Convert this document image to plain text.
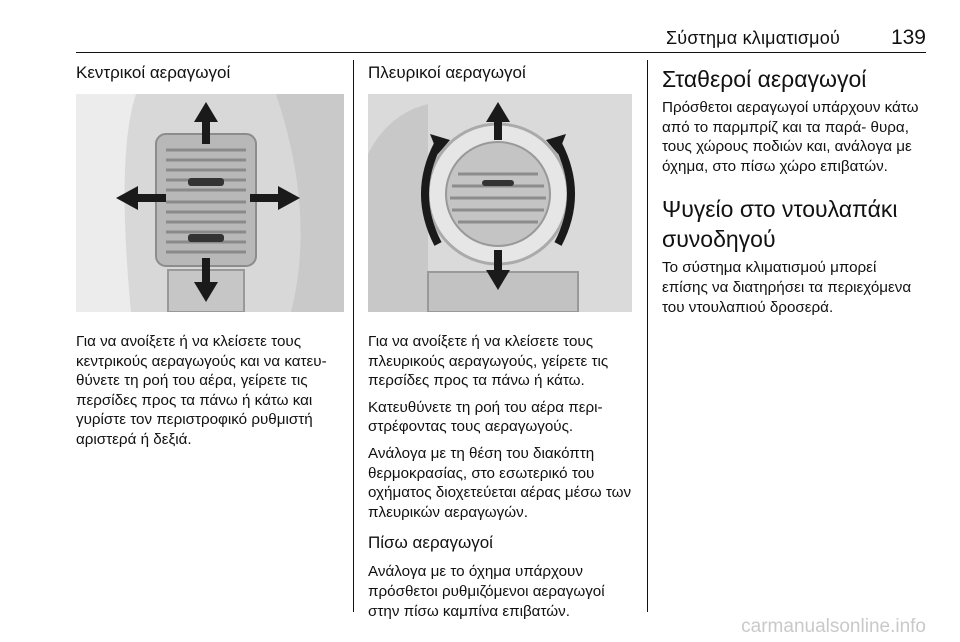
Σύστημα κλιματισμού 139
Κεντρικοί αεραγωγοί

Για να ανοίξετε ή να κλείσετε τους κεντρικούς αεραγωγούς και να κατευ- θύνετε τη ροή του αέρα, γείρετε τις περσίδες προς τα πάνω ή κάτω και γυρίστε τον περιστροφικό ρυθμιστή αριστερά ή δεξιά.

Πλευρικοί αεραγωγοί

Για να ανοίξετε ή να κλείσετε τους πλευρικούς αεραγωγούς, γείρετε τις περσίδες προς τα πάνω ή κάτω.

Κατευθύνετε τη ροή του αέρα περι- στρέφοντας τους αεραγωγούς.

Ανάλογα με τη θέση του διακόπτη θερμοκρασίας, στο εσωτερικό του οχήματος διοχετεύεται αέρας μέσω των πλευρικών αεραγωγών.

Πίσω αεραγωγοί

Ανάλογα με το όχημα υπάρχουν πρόσθετοι ρυθμιζόμενοι αεραγωγοί στην πίσω καμπίνα επιβατών.

Σταθεροί αεραγωγοί

Πρόσθετοι αεραγωγοί υπάρχουν κάτω από το παρμπρίζ και τα παρά- θυρα, τους χώρους ποδιών και, ανάλογα με όχημα, στο πίσω χώρο επιβατών.

Ψυγείο στο ντουλαπάκι συνοδηγού

Το σύστημα κλιματισμού μπορεί επίσης να διατηρήσει τα περιεχόμενα του ντουλαπιού δροσερά.

carmanualsonline.info
